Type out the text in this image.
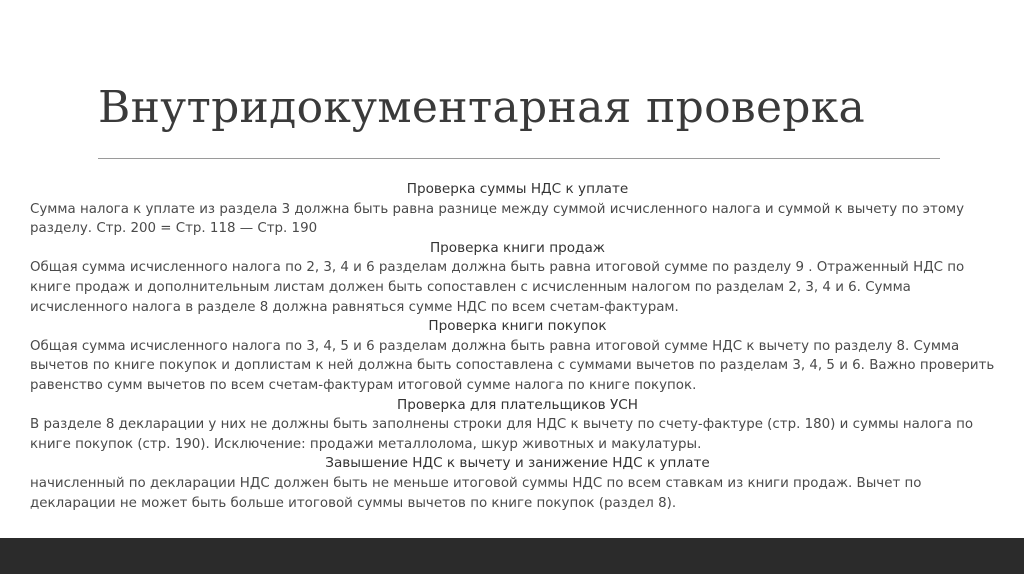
Внутридокументарная проверка
Проверка суммы НДС к уплате

Сумма налога к уплате из раздела 3 должна быть равна разнице между суммой исчисленного налога и суммой к вычету по этому разделу. Стр. 200 = Стр. 118 — Стр. 190

Проверка книги продаж

Общая сумма исчисленного налога по 2, 3, 4 и 6 разделам должна быть равна итоговой сумме по разделу 9 . Отраженный НДС по книге продаж и дополнительным листам должен быть сопоставлен с исчисленным налогом по разделам 2, 3, 4 и 6. Сумма исчисленного налога в разделе 8 должна равняться сумме НДС по всем счетам-фактурам.

Проверка книги покупок

Общая сумма исчисленного налога по 3, 4, 5 и 6 разделам должна быть равна итоговой сумме НДС к вычету по разделу 8. Сумма вычетов по книге покупок и доплистам к ней должна быть сопоставлена с суммами вычетов по разделам 3, 4, 5 и 6. Важно проверить равенство сумм вычетов по всем счетам-фактурам итоговой сумме налога по книге покупок.

Проверка для плательщиков УСН

В разделе 8 декларации у них не должны быть заполнены строки для НДС к вычету по счету-фактуре (стр. 180) и суммы налога по книге покупок (стр. 190). Исключение: продажи металлолома, шкур животных и макулатуры.

Завышение НДС к вычету и занижение НДС к уплате

начисленный по декларации НДС должен быть не меньше итоговой суммы НДС по всем ставкам из книги продаж. Вычет по декларации не может быть больше итоговой суммы вычетов по книге покупок (раздел 8).
